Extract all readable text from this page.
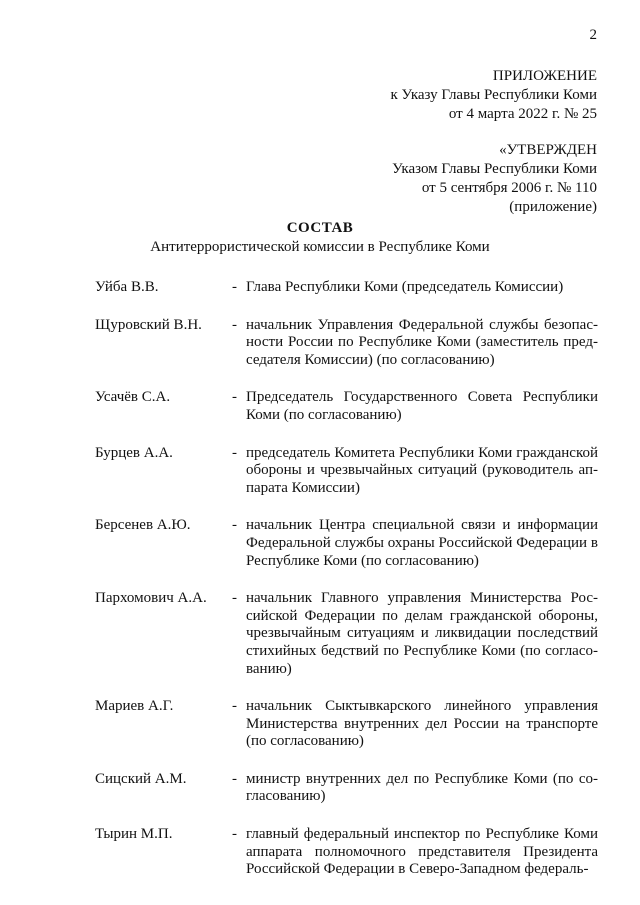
2
ПРИЛОЖЕНИЕ
к Указу Главы Республики Коми
от 4 марта 2022 г. № 25
«УТВЕРЖДЕН
Указом Главы Республики Коми
от 5 сентября 2006 г. № 110
(приложение)
СОСТАВ
Антитеррористической комиссии в Республике Коми
Уйба В.В.	- Глава Республики Коми (председатель Комиссии)
Щуровский В.Н.	- начальник Управления Федеральной службы безопас-
ности России по Республике Коми (заместитель пред-
седателя Комиссии) (по согласованию)
Усачёв С.А.	- Председатель Государственного Совета Республики
Коми (по согласованию)
Бурцев А.А.	- председатель Комитета Республики Коми гражданской
обороны и чрезвычайных ситуаций (руководитель ап-
парата Комиссии)
Берсенев А.Ю.	- начальник Центра специальной связи и информации
Федеральной службы охраны Российской Федерации в
Республике Коми (по согласованию)
Пархомович А.А.	- начальник Главного управления Министерства Рос-
сийской Федерации по делам гражданской обороны,
чрезвычайным ситуациям и ликвидации последствий
стихийных бедствий по Республике Коми (по согласо-
ванию)
Мариев А.Г.	- начальник Сыктывкарского линейного управления
Министерства внутренних дел России на транспорте
(по согласованию)
Сицский А.М.	- министр внутренних дел по Республике Коми (по со-
гласованию)
Тырин М.П.	- главный федеральный инспектор по Республике Коми
аппарата полномочного представителя Президента
Российской Федерации в Северо-Западном федераль-
